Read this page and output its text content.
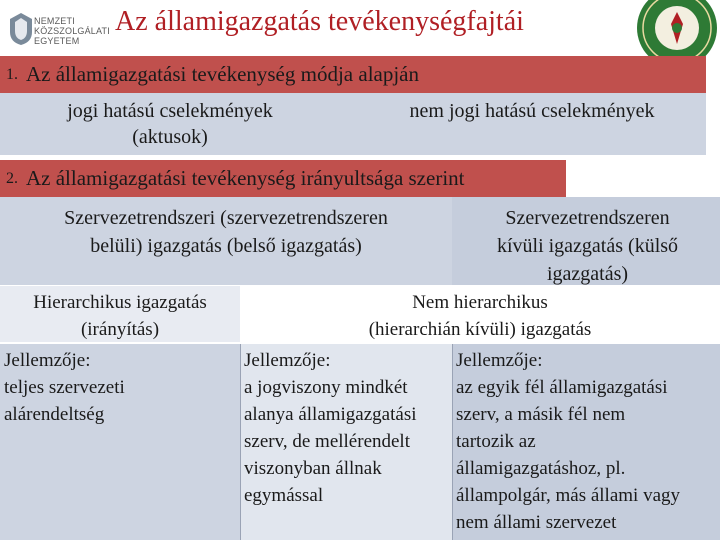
NEMZETI
KÖZSZOLGÁLATI
EGYETEM
Az államigazgatás tevékenységfajtái
1. Az államigazgatási tevékenység módja alapján
jogi hatású cselekmények
(aktusok)
nem jogi hatású cselekmények
2. Az államigazgatási tevékenység irányultsága szerint
Szervezetrendszeri (szervezetrendszeren
belüli) igazgatás (belső igazgatás)
Szervezetrendszeren
kívüli igazgatás (külső
igazgatás)
Hierarchikus igazgatás
(irányítás)
Nem hierarchikus
(hierarchián kívüli) igazgatás
Jellemzője:
teljes szervezeti
alárendeltség
Jellemzője:
a jogviszony mindkét
alanya államigazgatási
szerv, de mellérendelt
viszonyban állnak
egymással
Jellemzője:
az egyik fél államigazgatási
szerv, a másik fél nem
tartozik az
államigazgatáshoz, pl.
állampolgár, más állami vagy
nem állami szervezet
